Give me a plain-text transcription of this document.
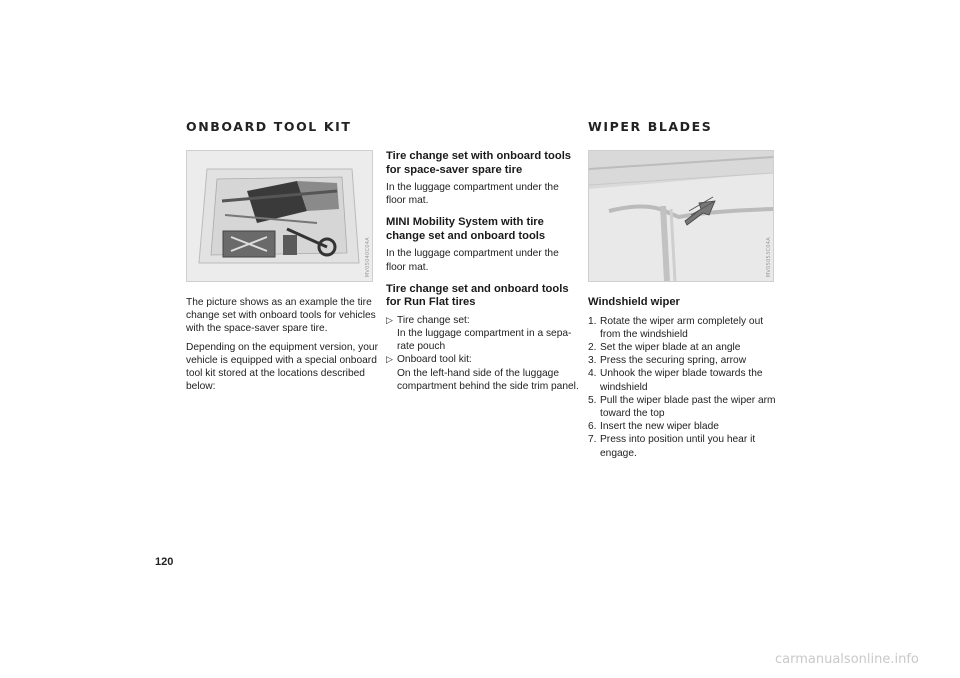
ONBOARD TOOL KIT
MV05040C04A

The picture shows as an example the tire change set with onboard tools for vehicles with the space-saver spare tire.

Depending on the equipment version, your vehicle is equipped with a special onboard tool kit stored at the locations described below:

Tire change set with onboard tools for space-saver spare tire

In the luggage compartment under the floor mat.

MINI Mobility System with tire change set and onboard tools

In the luggage compartment under the floor mat.

Tire change set and onboard tools for Run Flat tires

▷ Tire change set:
In the luggage compartment in a sepa-rate pouch
▷ Onboard tool kit:
On the left-hand side of the luggage compartment behind the side trim panel.
WIPER BLADES
MV05053C04A

Windshield wiper

1. Rotate the wiper arm completely out from the windshield
2. Set the wiper blade at an angle
3. Press the securing spring, arrow
4. Unhook the wiper blade towards the windshield
5. Pull the wiper blade past the wiper arm toward the top
6. Insert the new wiper blade
7. Press into position until you hear it engage.
120
carmanualsonline.info
